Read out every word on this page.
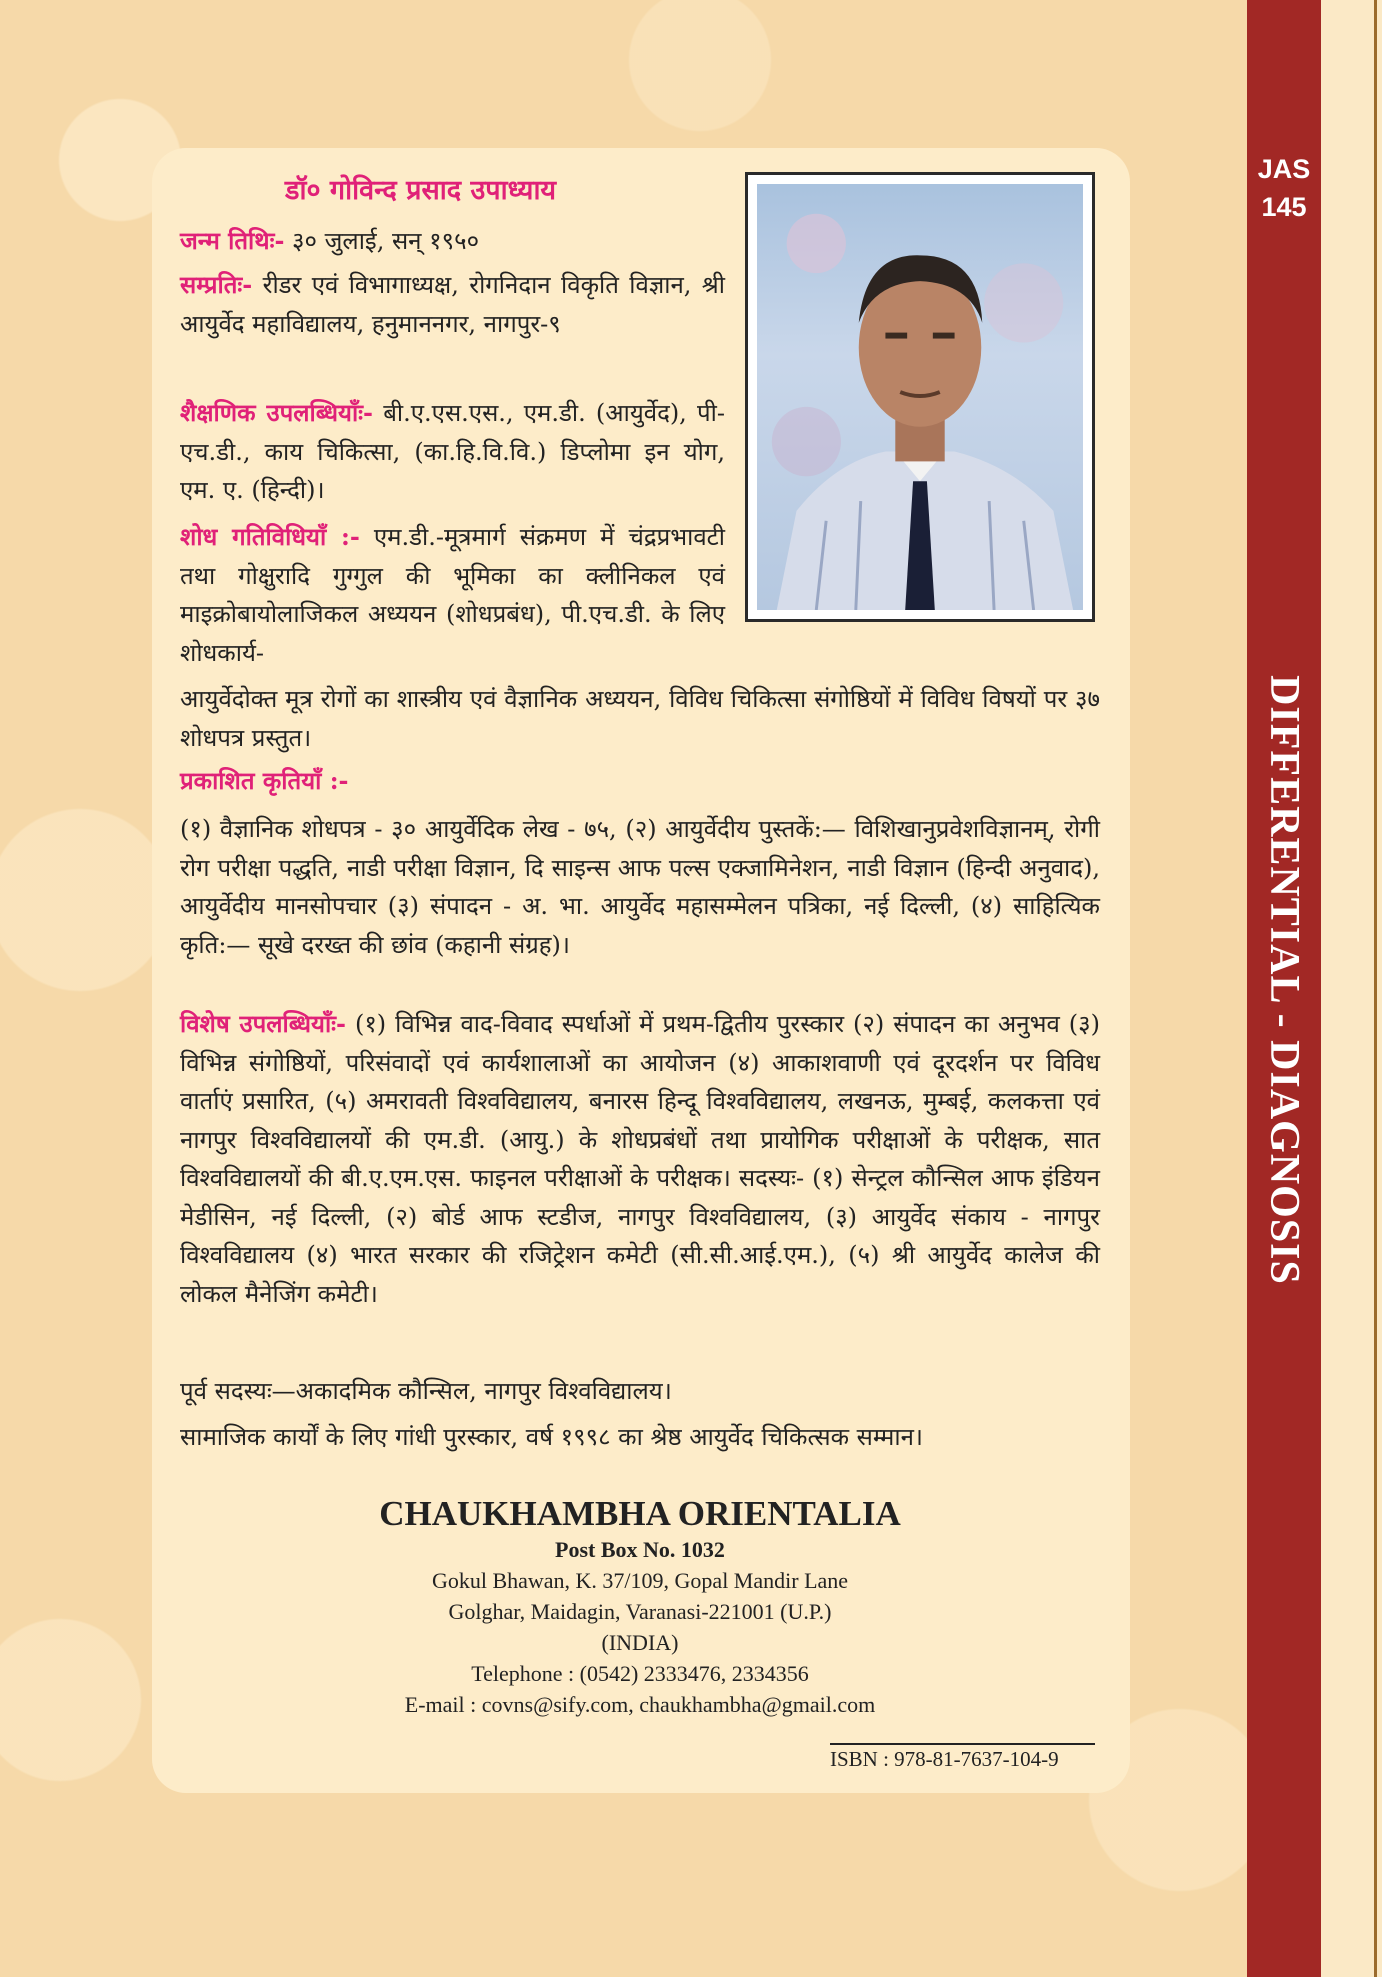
JAS
145
DIFFERENTIAL - DIAGNOSIS
डॉ० गोविन्द प्रसाद उपाध्याय
जन्म तिथिः- ३० जुलाई, सन् १९५०
सम्प्रतिः- रीडर एवं विभागाध्यक्ष, रोगनिदान विकृति विज्ञान, श्री आयुर्वेद महाविद्यालय, हनुमाननगर, नागपुर-९
शैक्षणिक उपलब्धियाँः- बी.ए.एस.एस., एम.डी. (आयुर्वेद), पी-एच.डी., काय चिकित्सा, (का.हि.वि.वि.) डिप्लोमा इन योग, एम. ए. (हिन्दी)।
शोध गतिविधियाँ :- एम.डी.-मूत्रमार्ग संक्रमण में चंद्रप्रभावटी तथा गोक्षुरादि गुग्गुल की भूमिका का क्लीनिकल एवं माइक्रोबायोलाजिकल अध्ययन (शोधप्रबंध), पी.एच.डी. के लिए शोधकार्य-
आयुर्वेदोक्त मूत्र रोगों का शास्त्रीय एवं वैज्ञानिक अध्ययन, विविध चिकित्सा संगोष्ठियों में विविध विषयों पर ३७ शोधपत्र प्रस्तुत।
प्रकाशित कृतियाँ :-
(१) वैज्ञानिक शोधपत्र - ३० आयुर्वेदिक लेख - ७५, (२) आयुर्वेदीय पुस्तकें:— विशिखानुप्रवेशविज्ञानम्, रोगी रोग परीक्षा पद्धति, नाडी परीक्षा विज्ञान, दि साइन्स आफ पल्स एक्जामिनेशन, नाडी विज्ञान (हिन्दी अनुवाद), आयुर्वेदीय मानसोपचार (३) संपादन - अ. भा. आयुर्वेद महासम्मेलन पत्रिका, नई दिल्ली, (४) साहित्यिक कृति:— सूखे दरख्त की छांव (कहानी संग्रह)।
विशेष उपलब्धियाँः- (१) विभिन्न वाद-विवाद स्पर्धाओं में प्रथम-द्वितीय पुरस्कार (२) संपादन का अनुभव (३) विभिन्न संगोष्ठियों, परिसंवादों एवं कार्यशालाओं का आयोजन (४) आकाशवाणी एवं दूरदर्शन पर विविध वार्ताएं प्रसारित, (५) अमरावती विश्वविद्यालय, बनारस हिन्दू विश्वविद्यालय, लखनऊ, मुम्बई, कलकत्ता एवं नागपुर विश्वविद्यालयों की एम.डी. (आयु.) के शोधप्रबंधों तथा प्रायोगिक परीक्षाओं के परीक्षक, सात विश्वविद्यालयों की बी.ए.एम.एस. फाइनल परीक्षाओं के परीक्षक। सदस्यः- (१) सेन्ट्रल कौन्सिल आफ इंडियन मेडीसिन, नई दिल्ली, (२) बोर्ड आफ स्टडीज, नागपुर विश्वविद्यालय, (३) आयुर्वेद संकाय - नागपुर विश्वविद्यालय (४) भारत सरकार की रजिट्रेशन कमेटी (सी.सी.आई.एम.), (५) श्री आयुर्वेद कालेज की लोकल मैनेजिंग कमेटी।
पूर्व सदस्यः—अकादमिक कौन्सिल, नागपुर विश्वविद्यालय।
सामाजिक कार्यों के लिए गांधी पुरस्कार, वर्ष १९९८ का श्रेष्ठ आयुर्वेद चिकित्सक सम्मान।
CHAUKHAMBHA ORIENTALIA
Post Box No. 1032
Gokul Bhawan, K. 37/109, Gopal Mandir Lane
Golghar, Maidagin, Varanasi-221001 (U.P.)
(INDIA)
Telephone : (0542) 2333476, 2334356
E-mail : covns@sify.com, chaukhambha@gmail.com
ISBN : 978-81-7637-104-9
